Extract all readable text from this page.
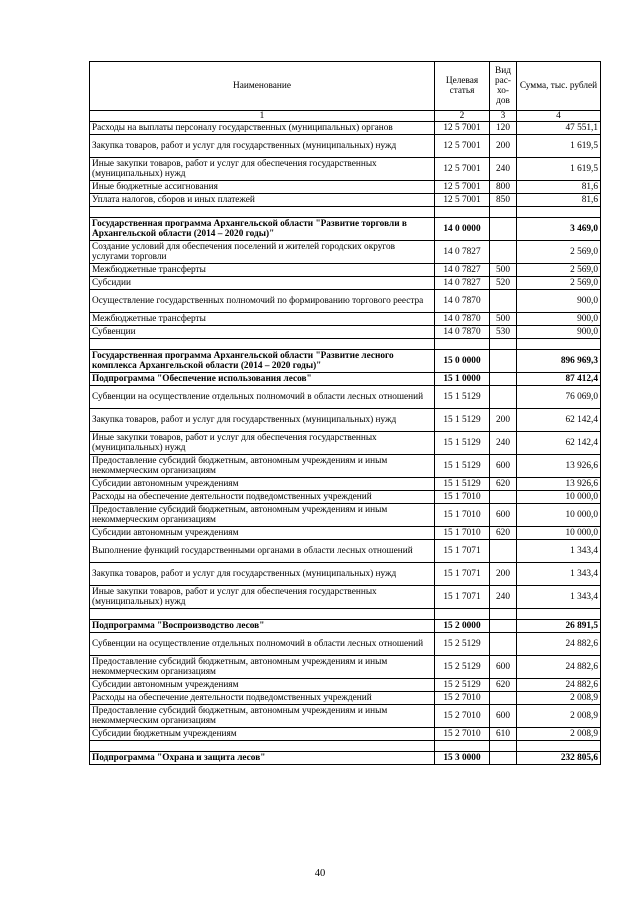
Наименование	Целевая статья	Вид рас-хо-дов	Сумма, тыс. рублей
1	2	3	4
Расходы на выплаты персоналу государственных (муниципальных) органов	12 5 7001	120	47 551,1
Закупка товаров, работ и услуг для государственных (муниципальных) нужд	12 5 7001	200	1 619,5
Иные закупки товаров, работ и услуг для обеспечения государственных (муниципальных) нужд	12 5 7001	240	1 619,5
Иные бюджетные ассигнования	12 5 7001	800	81,6
Уплата налогов, сборов и иных платежей	12 5 7001	850	81,6

Государственная программа Архангельской области "Развитие торговли в Архангельской области (2014 – 2020 годы)"	14 0 0000		3 469,0
Создание условий для обеспечения поселений и жителей городских округов услугами торговли	14 0 7827		2 569,0
Межбюджетные трансферты	14 0 7827	500	2 569,0
Субсидии	14 0 7827	520	2 569,0
Осуществление государственных полномочий по формированию торгового реестра	14 0 7870		900,0
Межбюджетные трансферты	14 0 7870	500	900,0
Субвенции	14 0 7870	530	900,0

Государственная программа Архангельской области "Развитие лесного комплекса Архангельской области (2014 – 2020 годы)"	15 0 0000		896 969,3
Подпрограмма "Обеспечение использования лесов"	15 1 0000		87 412,4
Субвенции на осуществление отдельных полномочий в области лесных отношений	15 1 5129		76 069,0
Закупка товаров, работ и услуг для государственных (муниципальных) нужд	15 1 5129	200	62 142,4
Иные закупки товаров, работ и услуг для обеспечения государственных (муниципальных) нужд	15 1 5129	240	62 142,4
Предоставление субсидий бюджетным, автономным учреждениям и иным некоммерческим организациям	15 1 5129	600	13 926,6
Субсидии автономным учреждениям	15 1 5129	620	13 926,6
Расходы на обеспечение деятельности подведомственных учреждений	15 1 7010		10 000,0
Предоставление субсидий бюджетным, автономным учреждениям и иным некоммерческим организациям	15 1 7010	600	10 000,0
Субсидии автономным учреждениям	15 1 7010	620	10 000,0
Выполнение функций государственными органами в области лесных отношений	15 1 7071		1 343,4
Закупка товаров, работ и услуг для государственных (муниципальных) нужд	15 1 7071	200	1 343,4
Иные закупки товаров, работ и услуг для обеспечения государственных (муниципальных) нужд	15 1 7071	240	1 343,4

Подпрограмма "Воспроизводство лесов"	15 2 0000		26 891,5
Субвенции на осуществление отдельных полномочий в области лесных отношений	15 2 5129		24 882,6
Предоставление субсидий бюджетным, автономным учреждениям и иным некоммерческим организациям	15 2 5129	600	24 882,6
Субсидии автономным учреждениям	15 2 5129	620	24 882,6
Расходы на обеспечение деятельности подведомственных учреждений	15 2 7010		2 008,9
Предоставление субсидий бюджетным, автономным учреждениям и иным некоммерческим организациям	15 2 7010	600	2 008,9
Субсидии бюджетным учреждениям	15 2 7010	610	2 008,9

Подпрограмма "Охрана и защита лесов"	15 3 0000		232 805,6
40
